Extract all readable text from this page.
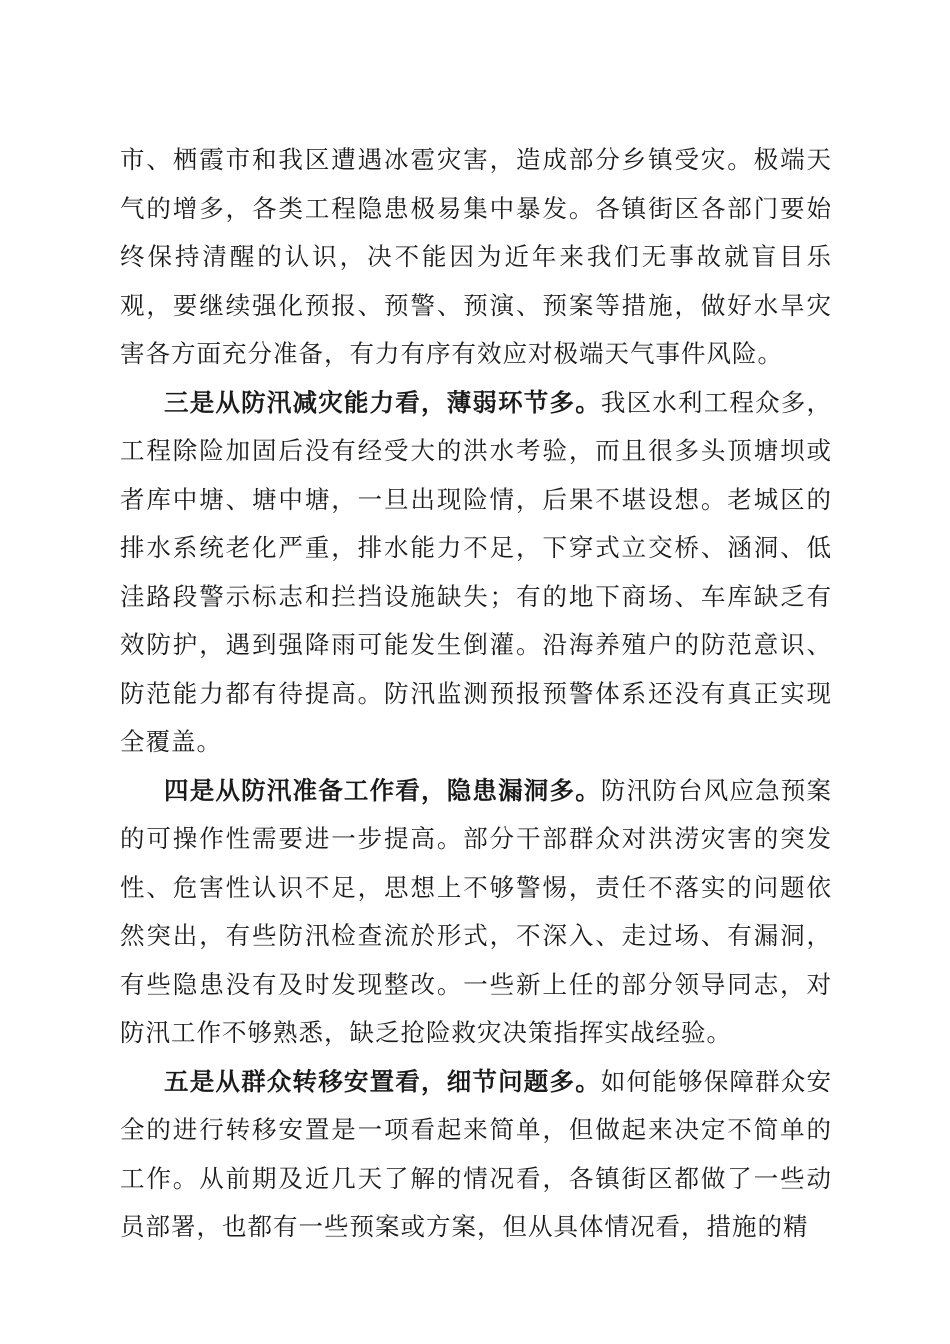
市、栖霞市和我区遭遇冰雹灾害，造成部分乡镇受灾。极端天气的增多，各类工程隐患极易集中暴发。各镇街区各部门要始终保持清醒的认识，决不能因为近年来我们无事故就盲目乐观，要继续强化预报、预警、预演、预案等措施，做好水旱灾害各方面充分准备，有力有序有效应对极端天气事件风险。

三是从防汛减灾能力看，薄弱环节多。我区水利工程众多，工程除险加固后没有经受大的洪水考验，而且很多头顶塘坝或者库中塘、塘中塘，一旦出现险情，后果不堪设想。老城区的排水系统老化严重，排水能力不足，下穿式立交桥、涵洞、低洼路段警示标志和拦挡设施缺失；有的地下商场、车库缺乏有效防护，遇到强降雨可能发生倒灌。沿海养殖户的防范意识、防范能力都有待提高。防汛监测预报预警体系还没有真正实现全覆盖。

四是从防汛准备工作看，隐患漏洞多。防汛防台风应急预案的可操作性需要进一步提高。部分干部群众对洪涝灾害的突发性、危害性认识不足，思想上不够警惕，责任不落实的问题依然突出，有些防汛检查流於形式，不深入、走过场、有漏洞，有些隐患没有及时发现整改。一些新上任的部分领导同志，对防汛工作不够熟悉，缺乏抢险救灾决策指挥实战经验。

五是从群众转移安置看，细节问题多。如何能够保障群众安全的进行转移安置是一项看起来简单，但做起来决定不简单的工作。从前期及近几天了解的情况看，各镇街区都做了一些动员部署，也都有一些预案或方案，但从具体情况看，措施的精
